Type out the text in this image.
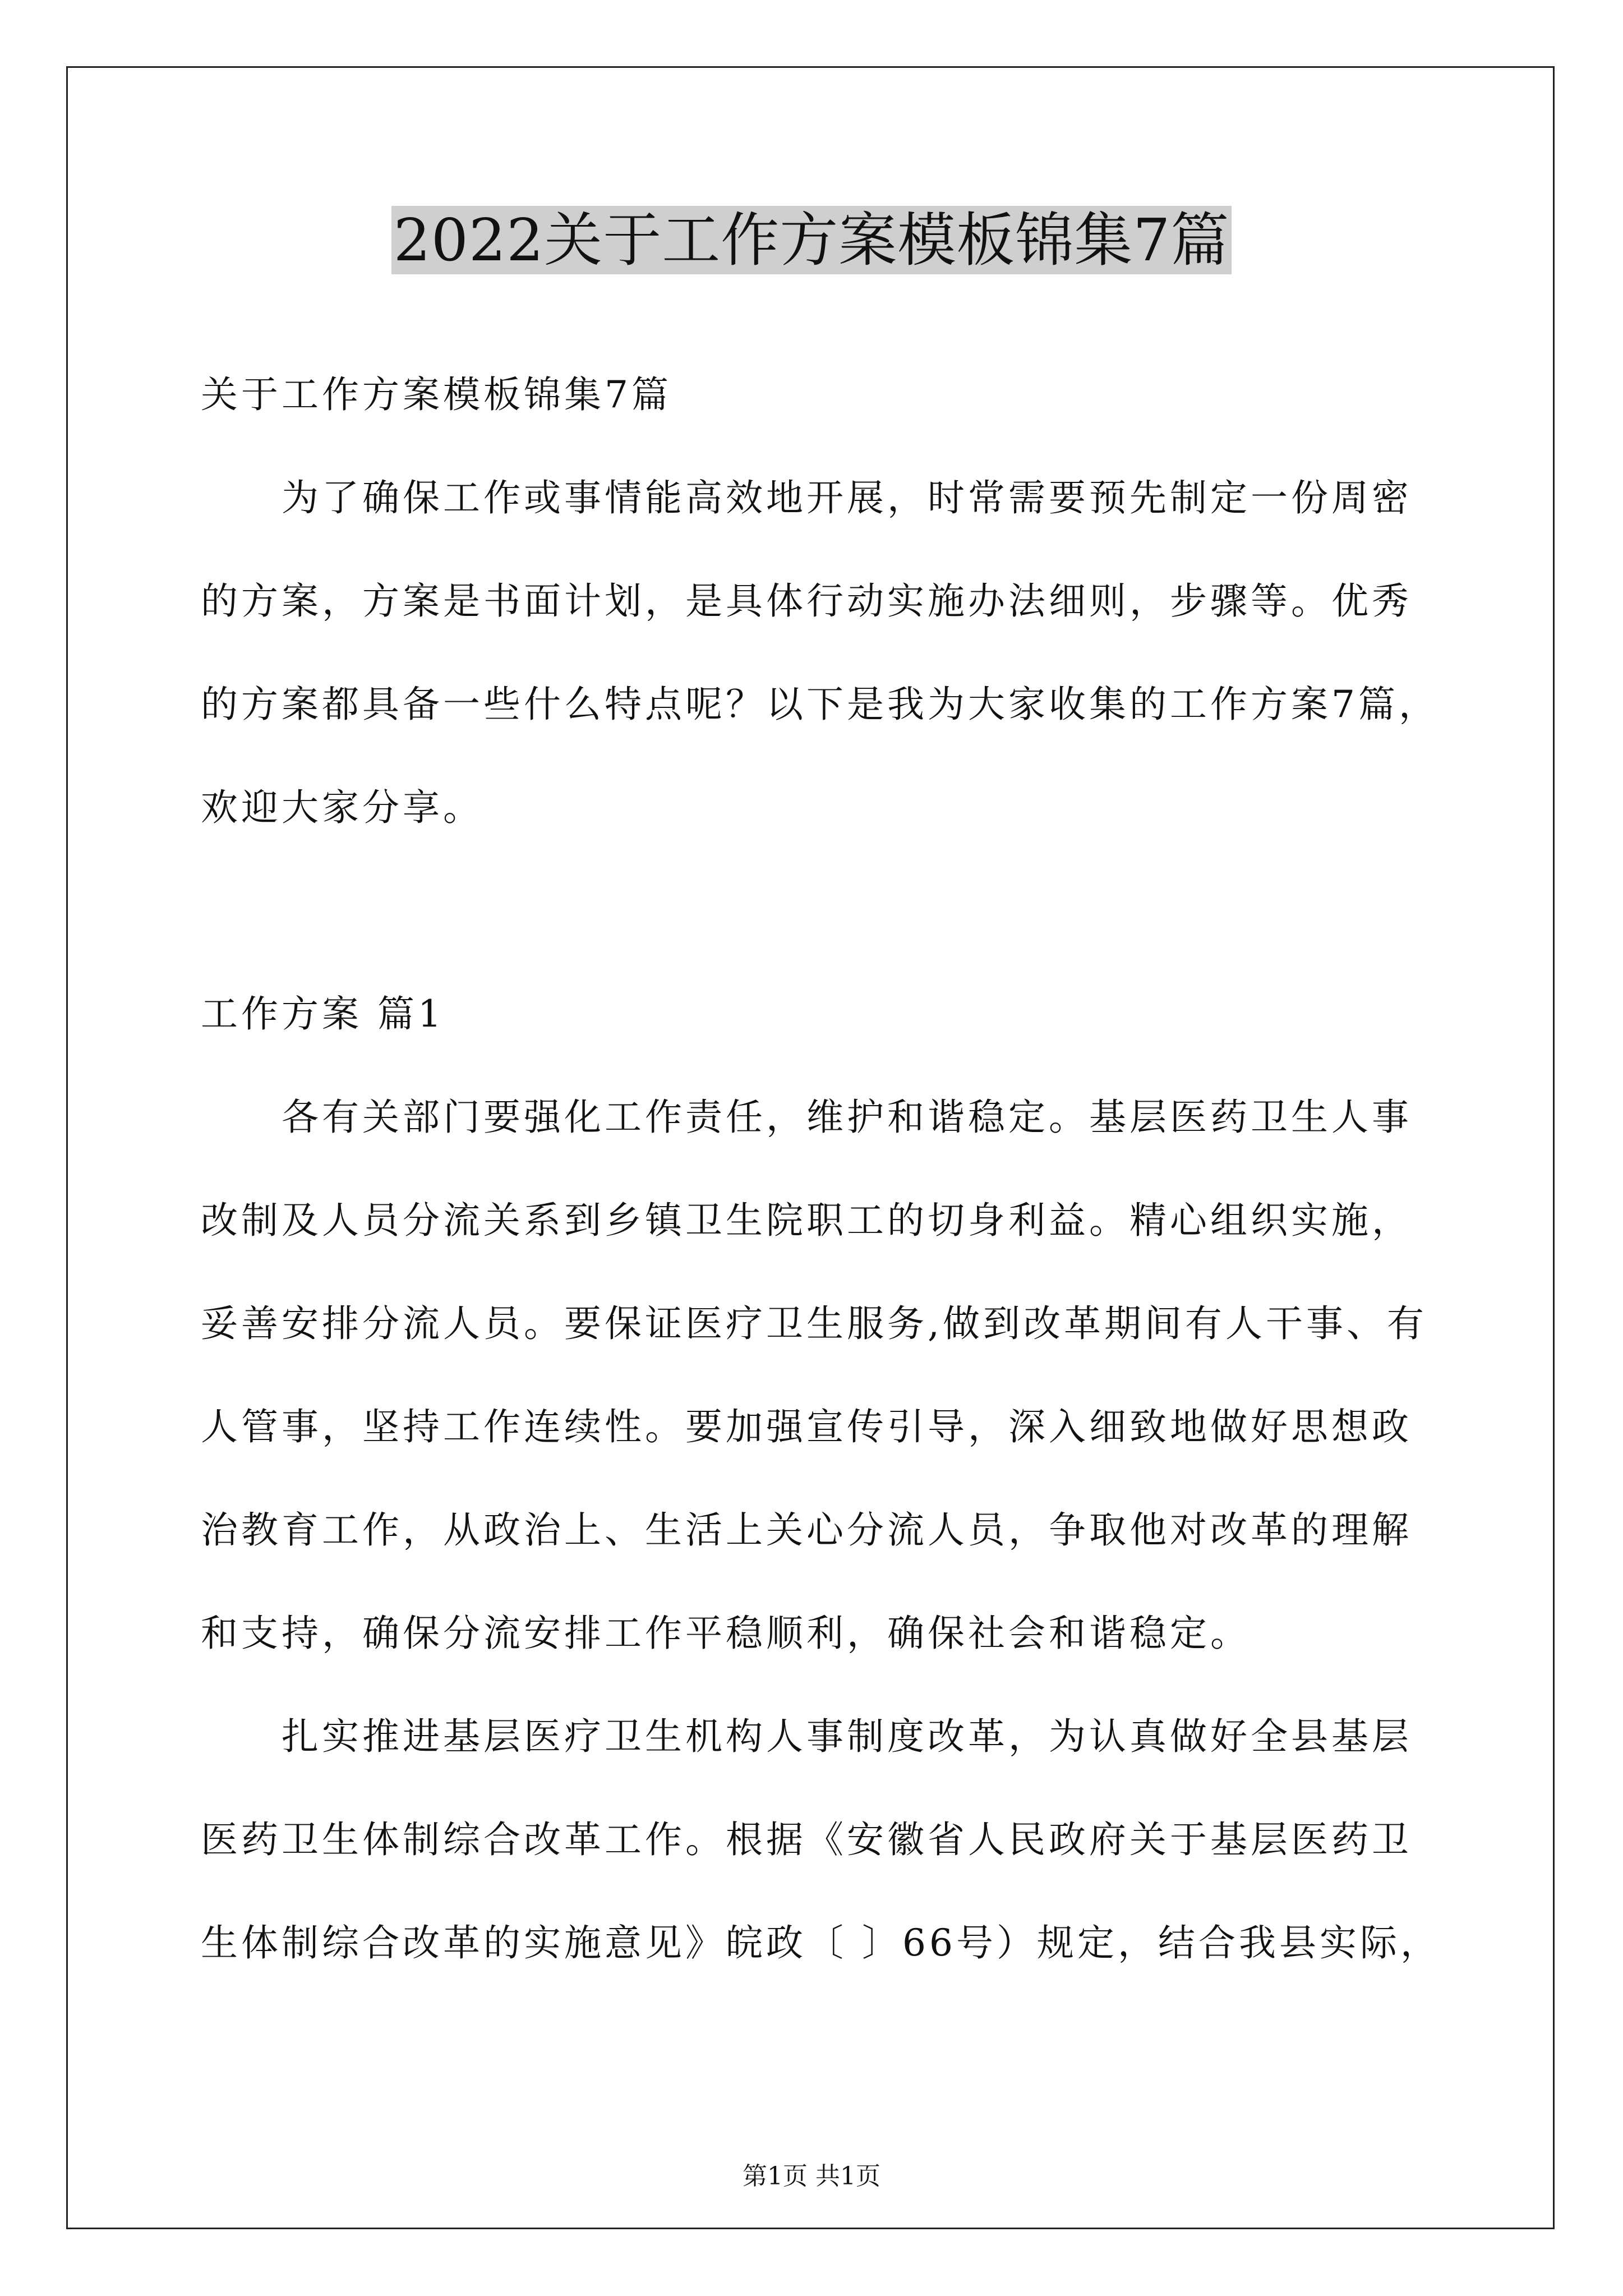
2022关于工作方案模板锦集7篇
关于工作方案模板锦集7篇
为了确保工作或事情能高效地开展，时常需要预先制定一份周密
的方案，方案是书面计划，是具体行动实施办法细则，步骤等。优秀
的方案都具备一些什么特点呢？以下是我为大家收集的工作方案7篇，
欢迎大家分享。
工作方案 篇1
各有关部门要强化工作责任，维护和谐稳定。基层医药卫生人事
改制及人员分流关系到乡镇卫生院职工的切身利益。精心组织实施，
妥善安排分流人员。要保证医疗卫生服务,做到改革期间有人干事、有
人管事，坚持工作连续性。要加强宣传引导，深入细致地做好思想政
治教育工作，从政治上、生活上关心分流人员，争取他对改革的理解
和支持，确保分流安排工作平稳顺利，确保社会和谐稳定。
扎实推进基层医疗卫生机构人事制度改革，为认真做好全县基层
医药卫生体制综合改革工作。根据《安徽省人民政府关于基层医药卫
生体制综合改革的实施意见》皖政〔 〕66号）规定，结合我县实际，
第1页 共1页
